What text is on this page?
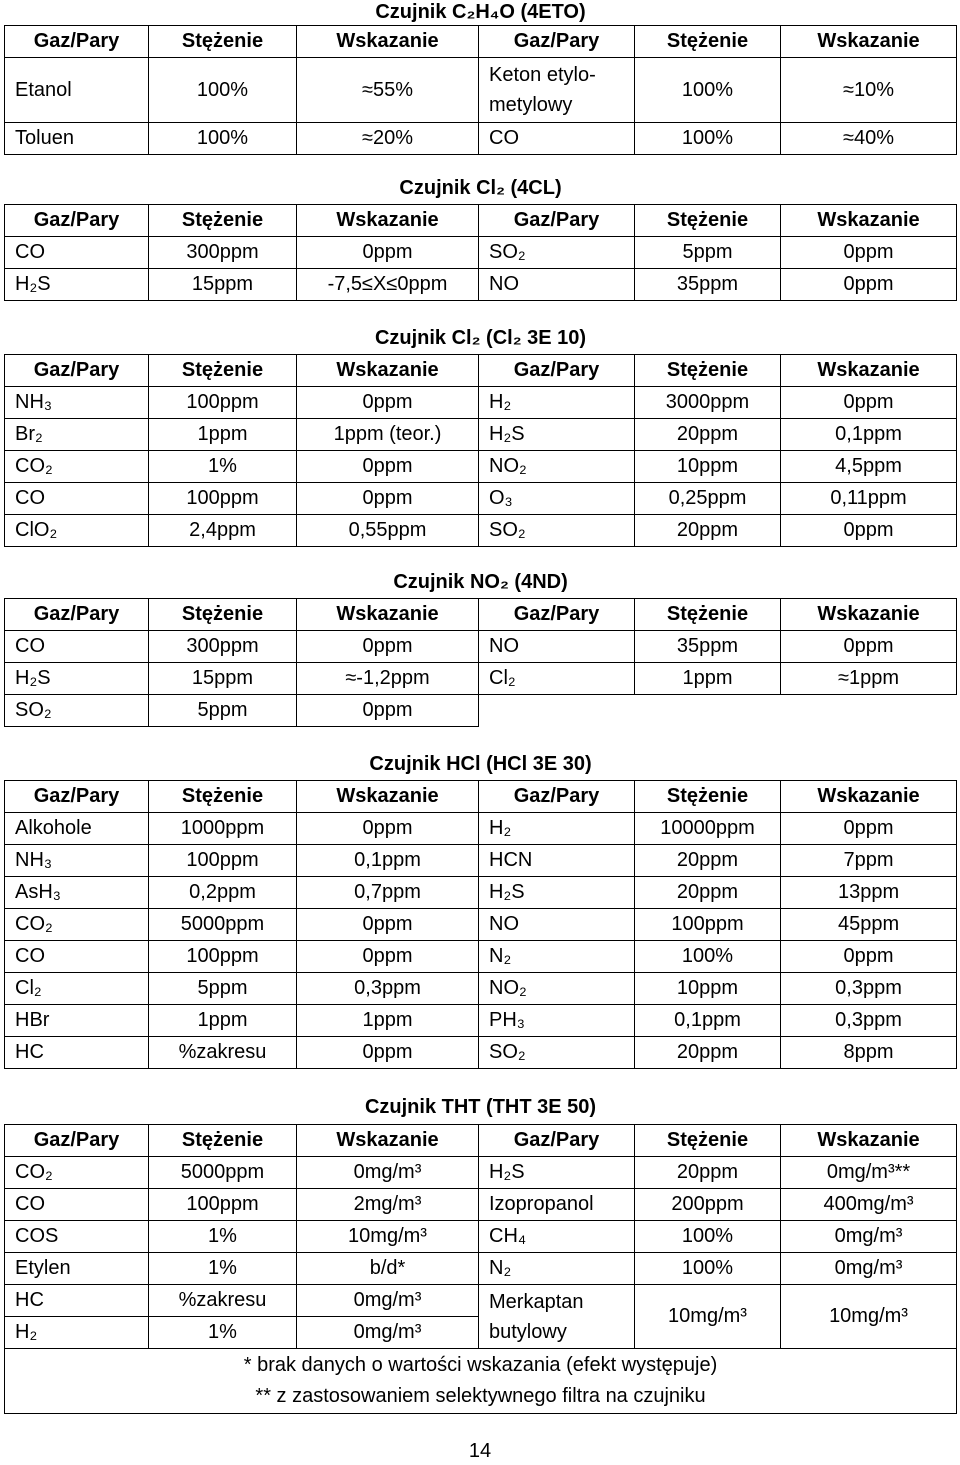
Czujnik C₂H₄O (4ETO)					
Gaz/Pary	Stężenie	Wskazanie	Gaz/Pary	Stężenie	Wskazanie
Etanol	100%	≈55%	Keton etylo- metylowy	100%	≈10%
Toluen	100%	≈20%	CO	100%	≈40%
Czujnik Cl₂ (4CL)					
Gaz/Pary	Stężenie	Wskazanie	Gaz/Pary	Stężenie	Wskazanie
CO	300ppm	0ppm	SO₂	5ppm	0ppm
H₂S	15ppm	-7,5≤X≤0ppm	NO	35ppm	0ppm
Czujnik Cl₂ (Cl₂ 3E 10)					
Gaz/Pary	Stężenie	Wskazanie	Gaz/Pary	Stężenie	Wskazanie
NH₃	100ppm	0ppm	H₂	3000ppm	0ppm
Br₂	1ppm	1ppm (teor.)	H₂S	20ppm	0,1ppm
CO₂	1%	0ppm	NO₂	10ppm	4,5ppm
CO	100ppm	0ppm	O₃	0,25ppm	0,11ppm
ClO₂	2,4ppm	0,55ppm	SO₂	20ppm	0ppm
Czujnik NO₂ (4ND)					
Gaz/Pary	Stężenie	Wskazanie	Gaz/Pary	Stężenie	Wskazanie
CO	300ppm	0ppm	NO	35ppm	0ppm
H₂S	15ppm	≈-1,2ppm	Cl₂	1ppm	≈1ppm
SO₂	5ppm	0ppm			
Czujnik HCl (HCl 3E 30)					
Gaz/Pary	Stężenie	Wskazanie	Gaz/Pary	Stężenie	Wskazanie
Alkohole	1000ppm	0ppm	H₂	10000ppm	0ppm
NH₃	100ppm	0,1ppm	HCN	20ppm	7ppm
AsH₃	0,2ppm	0,7ppm	H₂S	20ppm	13ppm
CO₂	5000ppm	0ppm	NO	100ppm	45ppm
CO	100ppm	0ppm	N₂	100%	0ppm
Cl₂	5ppm	0,3ppm	NO₂	10ppm	0,3ppm
HBr	1ppm	1ppm	PH₃	0,1ppm	0,3ppm
HC	%zakresu	0ppm	SO₂	20ppm	8ppm
Czujnik THT (THT 3E 50)					
Gaz/Pary	Stężenie	Wskazanie	Gaz/Pary	Stężenie	Wskazanie
CO₂	5000ppm	0mg/m³	H₂S	20ppm	0mg/m³**
CO	100ppm	2mg/m³	Izopropanol	200ppm	400mg/m³
COS	1%	10mg/m³	CH₄	100%	0mg/m³
Etylen	1%	b/d*	N₂	100%	0mg/m³
HC	%zakresu	0mg/m³	Merkaptan butylowy	10mg/m³	10mg/m³
H₂	1%	0mg/m³			

* brak danych o wartości wskazania (efekt występuje)
** z zastosowaniem selektywnego filtra na czujniku					
14
